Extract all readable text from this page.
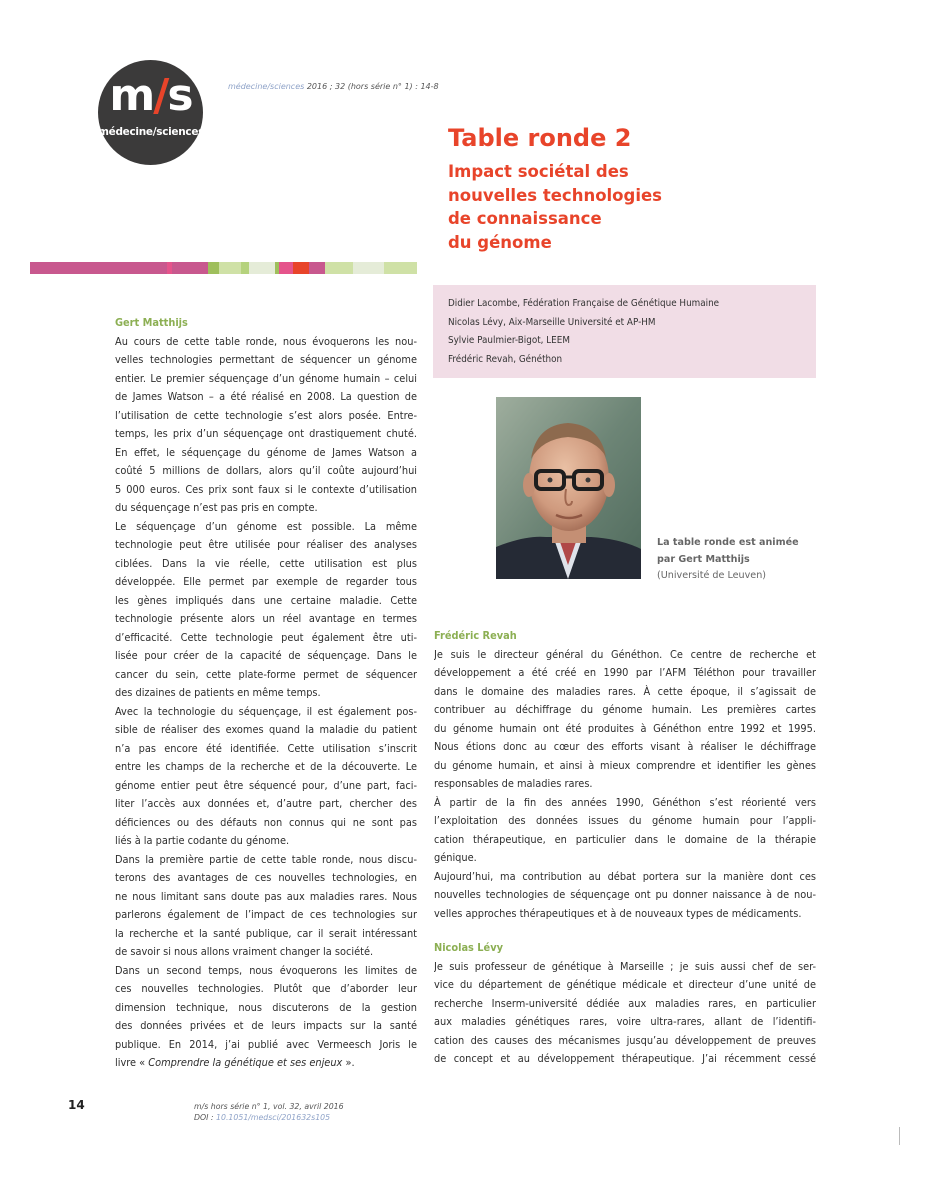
m/s
médecine/sciences
médecine/sciences 2016 ; 32 (hors série n° 1) : 14-8
Table ronde 2
Impact sociétal des
nouvelles technologies
de connaissance
du génome
Didier Lacombe, Fédération Française de Génétique Humaine
Nicolas Lévy, Aix-Marseille Université et AP-HM
Sylvie Paulmier-Bigot, LEEM
Frédéric Revah, Généthon
La table ronde est animée
par Gert Matthijs
(Université de Leuven)
Gert Matthijs
Au cours de cette table ronde, nous évoquerons les nou-
velles technologies permettant de séquencer un génome
entier. Le premier séquençage d’un génome humain – celui
de James Watson – a été réalisé en 2008. La question de
l’utilisation de cette technologie s’est alors posée. Entre-
temps, les prix d’un séquençage ont drastiquement chuté.
En effet, le séquençage du génome de James Watson a
coûté 5 millions de dollars, alors qu’il coûte aujourd’hui
5 000 euros. Ces prix sont faux si le contexte d’utilisation
du séquençage n’est pas pris en compte.
Le séquençage d’un génome est possible. La même
technologie peut être utilisée pour réaliser des analyses
ciblées. Dans la vie réelle, cette utilisation est plus
développée. Elle permet par exemple de regarder tous
les gènes impliqués dans une certaine maladie. Cette
technologie présente alors un réel avantage en termes
d’efficacité. Cette technologie peut également être uti-
lisée pour créer de la capacité de séquençage. Dans le
cancer du sein, cette plate-forme permet de séquencer
des dizaines de patients en même temps.
Avec la technologie du séquençage, il est également pos-
sible de réaliser des exomes quand la maladie du patient
n’a pas encore été identifiée. Cette utilisation s’inscrit
entre les champs de la recherche et de la découverte. Le
génome entier peut être séquencé pour, d’une part, faci-
liter l’accès aux données et, d’autre part, chercher des
déficiences ou des défauts non connus qui ne sont pas
liés à la partie codante du génome.
Dans la première partie de cette table ronde, nous discu-
terons des avantages de ces nouvelles technologies, en
ne nous limitant sans doute pas aux maladies rares. Nous
parlerons également de l’impact de ces technologies sur
la recherche et la santé publique, car il serait intéressant
de savoir si nous allons vraiment changer la société.
Dans un second temps, nous évoquerons les limites de
ces nouvelles technologies. Plutôt que d’aborder leur
dimension technique, nous discuterons de la gestion
des données privées et de leurs impacts sur la santé
publique. En 2014, j’ai publié avec Vermeesch Joris le
livre « Comprendre la génétique et ses enjeux ».
Frédéric Revah
Je suis le directeur général du Généthon. Ce centre de recherche et
développement a été créé en 1990 par l’AFM Téléthon pour travailler
dans le domaine des maladies rares. À cette époque, il s’agissait de
contribuer au déchiffrage du génome humain. Les premières cartes
du génome humain ont été produites à Généthon entre 1992 et 1995.
Nous étions donc au cœur des efforts visant à réaliser le déchiffrage
du génome humain, et ainsi à mieux comprendre et identifier les gènes
responsables de maladies rares.
À partir de la fin des années 1990, Généthon s’est réorienté vers
l’exploitation des données issues du génome humain pour l’appli-
cation thérapeutique, en particulier dans le domaine de la thérapie
génique.
Aujourd’hui, ma contribution au débat portera sur la manière dont ces
nouvelles technologies de séquençage ont pu donner naissance à de nou-
velles approches thérapeutiques et à de nouveaux types de médicaments.
Nicolas Lévy
Je suis professeur de génétique à Marseille ; je suis aussi chef de ser-
vice du département de génétique médicale et directeur d’une unité de
recherche Inserm-université dédiée aux maladies rares, en particulier
aux maladies génétiques rares, voire ultra-rares, allant de l’identifi-
cation des causes des mécanismes jusqu’au développement de preuves
de concept et au développement thérapeutique. J’ai récemment cessé
14	m/s hors série n° 1, vol. 32, avril 2016
DOI : 10.1051/medsci/201632s105
